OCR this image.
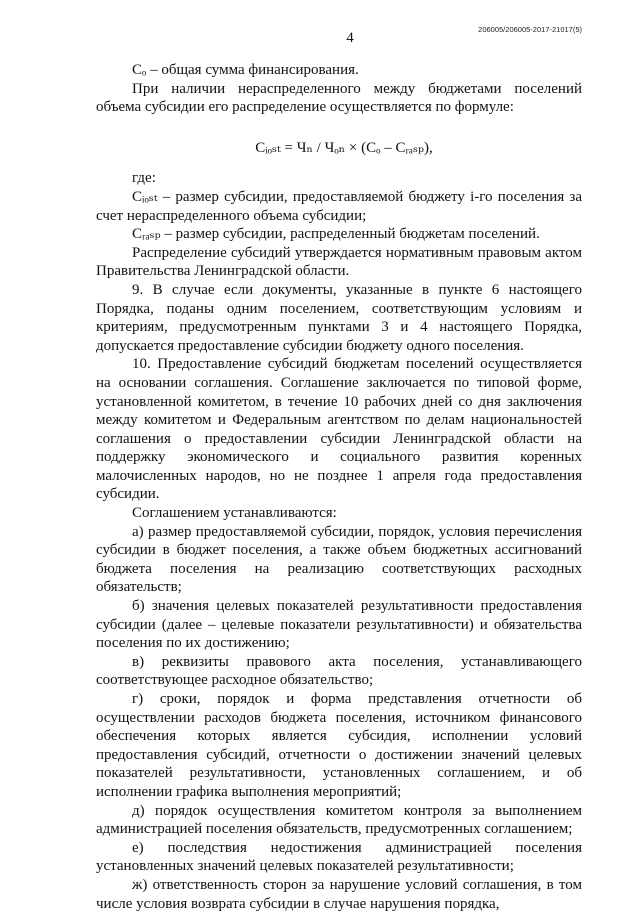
206005/206005-2017-21017(5)
4

Cₒ – общая сумма финансирования.

При наличии нераспределенного между бюджетами поселений объема субсидии его распределение осуществляется по формуле:

Cᵢₒₛₜ = Чₙ / Чₒₙ × (Cₒ – Cᵣₐₛₚ),

где:

Cᵢₒₛₜ – размер субсидии, предоставляемой бюджету i-го поселения за счет нераспределенного объема субсидии;

Cᵣₐₛₚ – размер субсидии, распределенный бюджетам поселений.

Распределение субсидий утверждается нормативным правовым актом Правительства Ленинградской области.

9. В случае если документы, указанные в пункте 6 настоящего Порядка, поданы одним поселением, соответствующим условиям и критериям, предусмотренным пунктами 3 и 4 настоящего Порядка, допускается предоставление субсидии бюджету одного поселения.

10. Предоставление субсидий бюджетам поселений осуществляется на основании соглашения. Соглашение заключается по типовой форме, установленной комитетом, в течение 10 рабочих дней со дня заключения между комитетом и Федеральным агентством по делам национальностей соглашения о предоставлении субсидии Ленинградской области на поддержку экономического и социального развития коренных малочисленных народов, но не позднее 1 апреля года предоставления субсидии.

Соглашением устанавливаются:

а) размер предоставляемой субсидии, порядок, условия перечисления субсидии в бюджет поселения, а также объем бюджетных ассигнований бюджета поселения на реализацию соответствующих расходных обязательств;

б) значения целевых показателей результативности предоставления субсидии (далее – целевые показатели результативности) и обязательства поселения по их достижению;

в) реквизиты правового акта поселения, устанавливающего соответствующее расходное обязательство;

г) сроки, порядок и форма представления отчетности об осуществлении расходов бюджета поселения, источником финансового обеспечения которых является субсидия, исполнении условий предоставления субсидий, отчетности о достижении значений целевых показателей результативности, установленных соглашением, и об исполнении графика выполнения мероприятий;

д) порядок осуществления комитетом контроля за выполнением администрацией поселения обязательств, предусмотренных соглашением;

е) последствия недостижения администрацией поселения установленных значений целевых показателей результативности;

ж) ответственность сторон за нарушение условий соглашения, в том числе условия возврата субсидии в случае нарушения порядка,
